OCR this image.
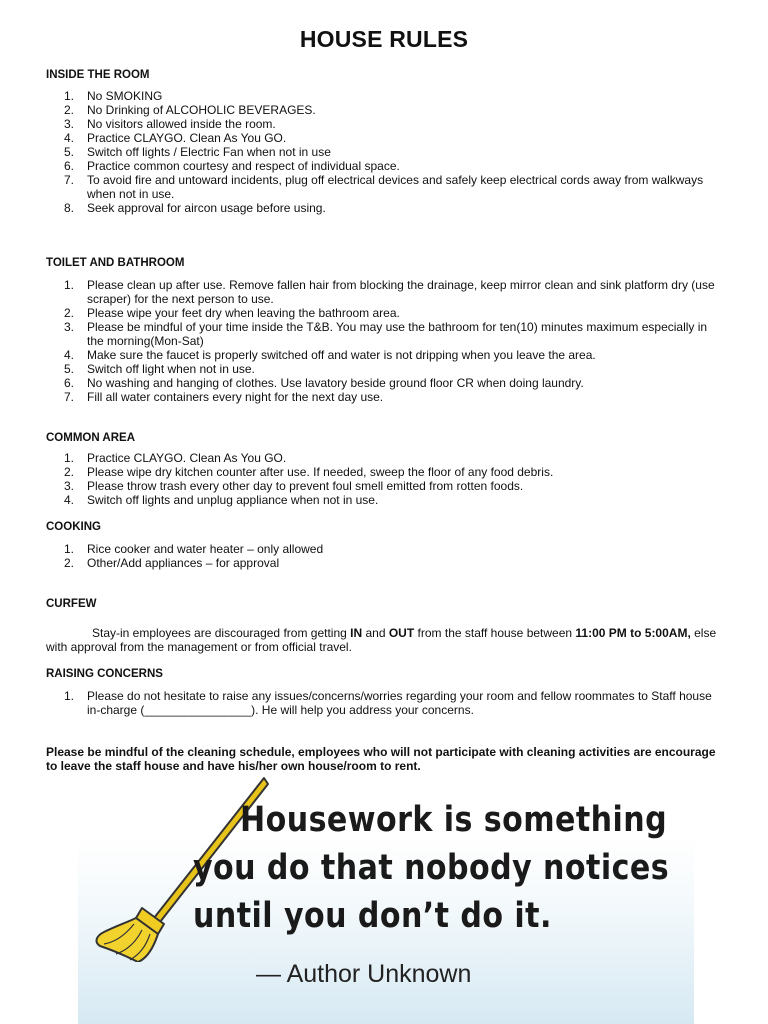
HOUSE RULES
INSIDE THE ROOM
1. No SMOKING
2. No Drinking of ALCOHOLIC BEVERAGES.
3. No visitors allowed inside the room.
4. Practice CLAYGO. Clean As You GO.
5. Switch off lights / Electric Fan when not in use
6. Practice common courtesy and respect of individual space.
7. To avoid fire and untoward incidents, plug off electrical devices and safely keep electrical cords away from walkways when not in use.
8. Seek approval for aircon usage before using.
TOILET AND BATHROOM
1. Please clean up after use. Remove fallen hair from blocking the drainage, keep mirror clean and sink platform dry (use scraper) for the next person to use.
2. Please wipe your feet dry when leaving the bathroom area.
3. Please be mindful of your time inside the T&B. You may use the bathroom for ten(10) minutes maximum especially in the morning(Mon-Sat)
4. Make sure the faucet is properly switched off and water is not dripping when you leave the area.
5. Switch off light when not in use.
6. No washing and hanging of clothes. Use lavatory beside ground floor CR when doing laundry.
7. Fill all water containers every night for the next day use.
COMMON AREA
1. Practice CLAYGO. Clean As You GO.
2. Please wipe dry kitchen counter after use. If needed, sweep the floor of any food debris.
3. Please throw trash every other day to prevent foul smell emitted from rotten foods.
4. Switch off lights and unplug appliance when not in use.
COOKING
1. Rice cooker and water heater – only allowed
2. Other/Add appliances – for approval
CURFEW

Stay-in employees are discouraged from getting IN and OUT from the staff house between 11:00 PM to 5:00AM, else with approval from the management or from official travel.

RAISING CONCERNS
1. Please do not hesitate to raise any issues/concerns/worries regarding your room and fellow roommates to Staff house in-charge (________________). He will help you address your concerns.

Please be mindful of the cleaning schedule, employees who will not participate with cleaning activities are encourage to leave the staff house and have his/her own house/room to rent.

Housework is something

you do that nobody notices

until you don’t do it.

— Author Unknown
